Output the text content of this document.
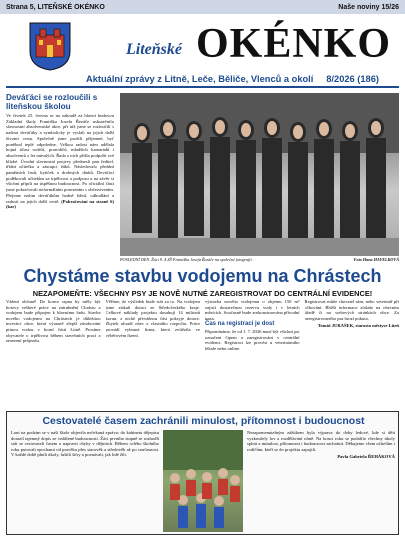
Strana 5, LITEŇSKÉ OKÉNKO	Naše noviny 15/26
Liteňské OKÉNKO
Aktuální zprávy z Litně, Leče, Běliče, Vlenců a okolí 8/2026 (186)
Deváťáci se rozloučili s liteňskou školou
Ve čtvrtek 25. června se na zahradě za hlavní budovou Základní školy Františka Josefa Řezáče uskutečnilo slavnostní absolventské akce, při níž jsme se rozloučili s našimi deváťáky a symbolicky je vyslali na jejich další životní cestu. Společně jsme prožili příjemné, byť poněkud teplé odpoledne. Velkou radost nám udělala hojná účast rodičů, prarodičů, mladších kamarádů i absolventů z let minulých. Řada z nich přišla podpořit své blízké. Úvodní slavnostní projevy přednesli pan ředitel, třídní učitelka a zástupci žáků. Následovalo předání pamětních listů, kytiček a drobných dárků. Deváťáci poděkovali učitelům za trpělivost a podporu a na závěr si všichni připili na úspěšnou budoucnost. Po oficiální části jsme pokračovali neformálním posezením s občerstvením. Přejeme našim deváťákům hodně štěstí, odhodlání a radosti na jejich další cestě. (Pokračování na straně 6) (kar)
POSLEDNÍ DEN. Žáci 9. A ZŠ Františka Josefa Řezáče na společné fotografii.	Foto Hana HAVELKOVÁ
Chystáme stavbu vodojemu na Chrástech
NEZAPOMEŇTE: VŠECHNY PSY JE NOVĚ NUTNÉ ZAREGISTROVAT DO CENTRÁLNÍ EVIDENCE!
Vážení občané! Do konce srpna by měly být hotovy veškeré práce na zatrubnění Chrástu a vodojem bude připojen k hlavnímu řadu. Stavba nového vodojemu na Chrástech je důležitou investicí obce, která výrazně zlepší zásobování pitnou vodou v horní části Litně. Prosíme obyvatele o trpělivost během stavebních prací a omezení průjezdu.
Věříme, že výsledek bude stát za to. Na vodojem jsme získali dotaci ze Středočeského kraje. Celkové náklady projektu dosahují 14 milionů korun, z nichž převážnou část pokryje dotace. Zbytek uhradí obec z vlastního rozpočtu. Práce provádí vybraná firma, která zvítězila ve výběrovém řízení.
výstavba nového vodojemu o objemu 150 m³ zajistí dostatečnou rezervu vody i v letních měsících. Současně bude zrekonstruována přívodní trasa.
Čas na registraci je dost
Připomínáme, že od 1. 7. 2026 musí být všichni psi označeni čipem a zaregistrováni v centrální evidenci. Registraci lze provést u veterinárního lékaře nebo online.
Registrovat může chovatel sám, nebo veterinář při očkování. Bližší informace získáte na obecním úřadě či na webových stránkách obce. Za neregistrovaného psa hrozí pokuta.
Tomáš JURAŠEK, starosta městyse Liteň
Cestovatelé časem zachránili minulost, přítomnost i budoucnost
Loni na podzim se v naší škole objevila nečekaná zpráva: do kabinetu dějepisu dorazil tajemný dopis ze vzdálené budoucnosti. Žáci prvního stupně se rozhodli stát se cestovateli časem a napravit chyby v dějinách. Během celého školního roku putovali epochami od pravěku přes starověk a středověk až po současnost. V každé době plnili úkoly, luštili šifry a poznávali, jak lidé žili.
Nezapomenutelným zážitkem byla výprava do doby ledové, kde si děti vyzkoušely lov a rozdělávání ohně. Na konci roku se podařilo všechny úkoly splnit a minulost, přítomnost i budoucnost zachránit. Děkujeme všem učitelům i rodičům, kteří se do projektu zapojili.
Pavla Gabriela ŘEHÁKOVÁ
